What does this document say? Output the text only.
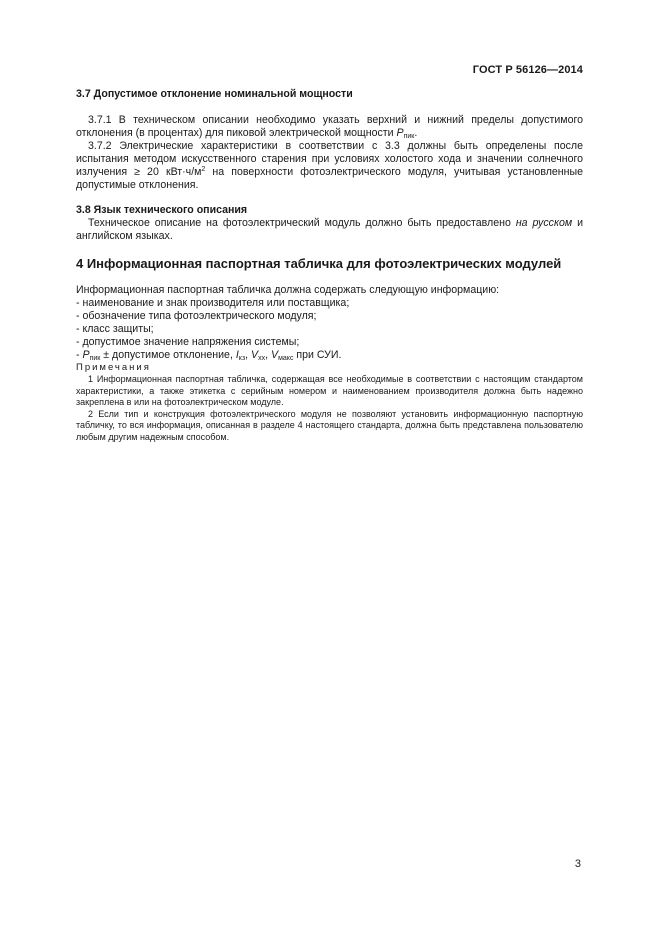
ГОСТ Р 56126—2014

3.7 Допустимое отклонение номинальной мощности

3.7.1 В техническом описании необходимо указать верхний и нижний пределы допустимого отклонения (в процентах) для пиковой электрической мощности $P_{пик}$.

3.7.2 Электрические характеристики в соответствии с 3.3 должны быть определены после испытания методом искусственного старения при условиях холостого хода и значении солнечного излучения ≥ 20 $кВт\cdot ч/м^2$ на поверхности фотоэлектрического модуля, учитывая установленные допустимые отклонения.

3.8 Язык технического описания

Техническое описание на фотоэлектрический модуль должно быть предоставлено на русском и английском языках.

4 Информационная паспортная табличка для фотоэлектрических модулей

Информационная паспортная табличка должна содержать следующую информацию:

- наименование и знак производителя или поставщика;

- обозначение типа фотоэлектрического модуля;

- класс защиты;

- допустимое значение напряжения системы;

- $P_{пик}$ ± допустимое отклонение, $I_{кз}$, $V_{хх}$, $V_{макс}$ при СУИ.

Примечания

1 Информационная паспортная табличка, содержащая все необходимые в соответствии с настоящим стандартом характеристики, а также этикетка с серийным номером и наименованием производителя должна быть надежно закреплена в или на фотоэлектрическом модуле.

2 Если тип и конструкция фотоэлектрического модуля не позволяют установить информационную паспортную табличку, то вся информация, описанная в разделе 4 настоящего стандарта, должна быть представлена пользователю любым другим надежным способом.

3
